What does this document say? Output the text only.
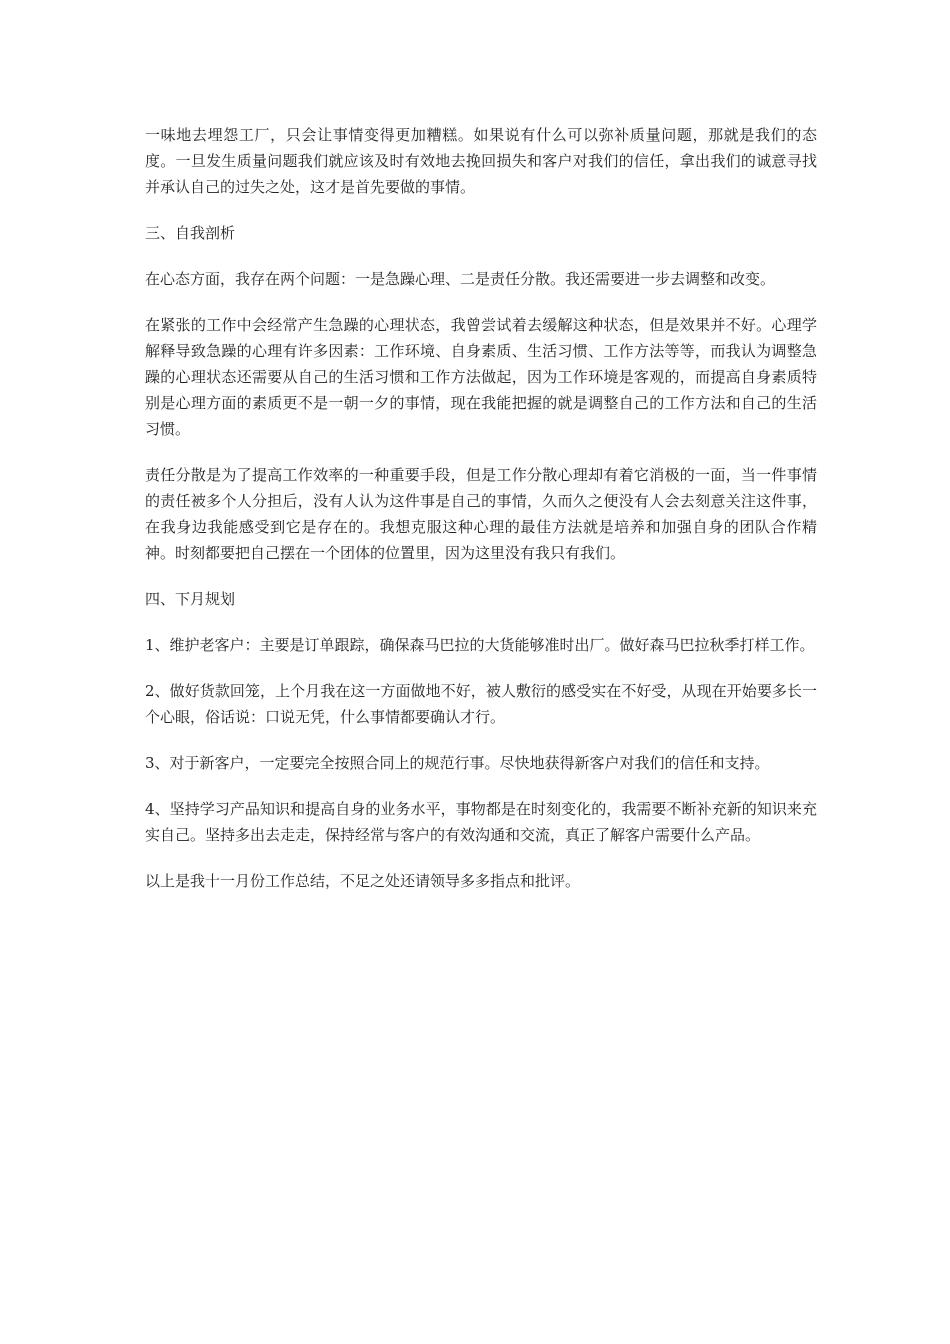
一味地去埋怨工厂，只会让事情变得更加糟糕。如果说有什么可以弥补质量问题，那就是我们的态度。一旦发生质量问题我们就应该及时有效地去挽回损失和客户对我们的信任，拿出我们的诚意寻找并承认自己的过失之处，这才是首先要做的事情。

三、自我剖析

在心态方面，我存在两个问题：一是急躁心理、二是责任分散。我还需要进一步去调整和改变。

在紧张的工作中会经常产生急躁的心理状态，我曾尝试着去缓解这种状态，但是效果并不好。心理学解释导致急躁的心理有许多因素：工作环境、自身素质、生活习惯、工作方法等等，而我认为调整急躁的心理状态还需要从自己的生活习惯和工作方法做起，因为工作环境是客观的，而提高自身素质特别是心理方面的素质更不是一朝一夕的事情，现在我能把握的就是调整自己的工作方法和自己的生活习惯。

责任分散是为了提高工作效率的一种重要手段，但是工作分散心理却有着它消极的一面，当一件事情的责任被多个人分担后，没有人认为这件事是自己的事情，久而久之便没有人会去刻意关注这件事，在我身边我能感受到它是存在的。我想克服这种心理的最佳方法就是培养和加强自身的团队合作精神。时刻都要把自己摆在一个团体的位置里，因为这里没有我只有我们。

四、下月规划

1、维护老客户：主要是订单跟踪，确保森马巴拉的大货能够准时出厂。做好森马巴拉秋季打样工作。

2、做好货款回笼，上个月我在这一方面做地不好，被人敷衍的感受实在不好受，从现在开始要多长一个心眼，俗话说：口说无凭，什么事情都要确认才行。

3、对于新客户，一定要完全按照合同上的规范行事。尽快地获得新客户对我们的信任和支持。

4、坚持学习产品知识和提高自身的业务水平，事物都是在时刻变化的，我需要不断补充新的知识来充实自己。坚持多出去走走，保持经常与客户的有效沟通和交流，真正了解客户需要什么产品。

以上是我十一月份工作总结，不足之处还请领导多多指点和批评。
